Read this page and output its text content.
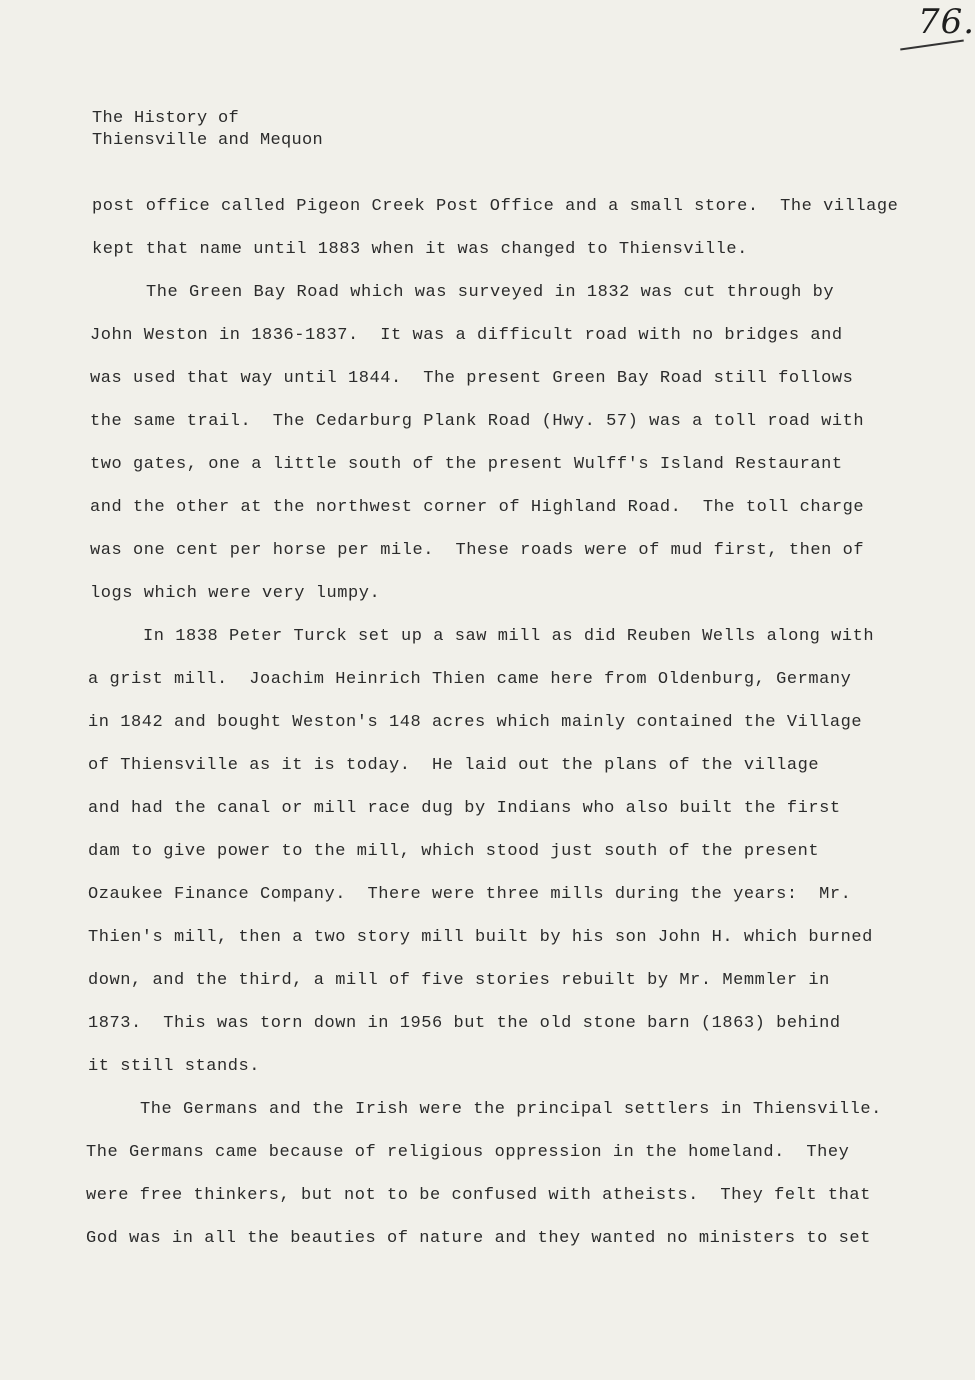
76.
The History of
Thiensville and Mequon
post office called Pigeon Creek Post Office and a small store.  The village
kept that name until 1883 when it was changed to Thiensville.
The Green Bay Road which was surveyed in 1832 was cut through by
John Weston in 1836-1837.  It was a difficult road with no bridges and
was used that way until 1844.  The present Green Bay Road still follows
the same trail.  The Cedarburg Plank Road (Hwy. 57) was a toll road with
two gates, one a little south of the present Wulff's Island Restaurant
and the other at the northwest corner of Highland Road.  The toll charge
was one cent per horse per mile.  These roads were of mud first, then of
logs which were very lumpy.
In 1838 Peter Turck set up a saw mill as did Reuben Wells along with
a grist mill.  Joachim Heinrich Thien came here from Oldenburg, Germany
in 1842 and bought Weston's 148 acres which mainly contained the Village
of Thiensville as it is today.  He laid out the plans of the village
and had the canal or mill race dug by Indians who also built the first
dam to give power to the mill, which stood just south of the present
Ozaukee Finance Company.  There were three mills during the years:  Mr.
Thien's mill, then a two story mill built by his son John H. which burned
down, and the third, a mill of five stories rebuilt by Mr. Memmler in
1873.  This was torn down in 1956 but the old stone barn (1863) behind
it still stands.
The Germans and the Irish were the principal settlers in Thiensville.
The Germans came because of religious oppression in the homeland.  They
were free thinkers, but not to be confused with atheists.  They felt that
God was in all the beauties of nature and they wanted no ministers to set
